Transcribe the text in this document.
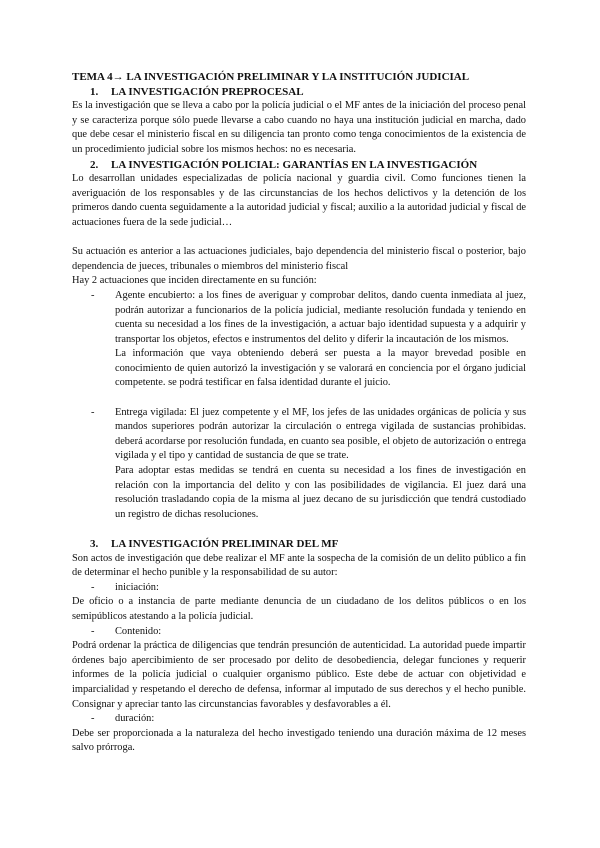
TEMA 4→ LA INVESTIGACIÓN PRELIMINAR Y LA INSTITUCIÓN JUDICIAL

1.	LA INVESTIGACIÓN PREPROCESAL

Es la investigación que se lleva a cabo por la policía judicial o el MF antes de la iniciación del proceso penal y se caracteriza porque sólo puede llevarse a cabo cuando no haya una institución judicial en marcha, dado que debe cesar el ministerio fiscal en su diligencia tan pronto como tenga conocimientos de la existencia de un procedimiento judicial sobre los mismos hechos: no es necesaria.

2.	LA INVESTIGACIÓN POLICIAL: GARANTÍAS EN LA INVESTIGACIÓN

Lo desarrollan unidades especializadas de policía nacional y guardia civil. Como funciones tienen la averiguación de los responsables y de las circunstancias de los hechos delictivos y la detención de los primeros dando cuenta seguidamente a la autoridad judicial y fiscal; auxilio a la autoridad judicial y fiscal de actuaciones fuera de la sede judicial…

Su actuación es anterior a las actuaciones judiciales, bajo dependencia del ministerio fiscal o posterior, bajo dependencia de jueces, tribunales o miembros del ministerio fiscal

Hay 2 actuaciones que inciden directamente en su función:

-	Agente encubierto: a los fines de averiguar y comprobar delitos, dando cuenta inmediata al juez, podrán autorizar a funcionarios de la policía judicial, mediante resolución fundada y teniendo en cuenta su necesidad a los fines de la investigación, a actuar bajo identidad supuesta y a adquirir y transportar los objetos, efectos e instrumentos del delito y diferir la incautación de los mismos.

La información que vaya obteniendo deberá ser puesta a la mayor brevedad posible en conocimiento de quien autorizó la investigación y se valorará en conciencia por el órgano judicial competente. se podrá testificar en falsa identidad durante el juicio.

-	Entrega vigilada: El juez competente y el MF, los jefes de las unidades orgánicas de policía y sus mandos superiores podrán autorizar la circulación o entrega vigilada de sustancias prohibidas. deberá acordarse por resolución fundada, en cuanto sea posible, el objeto de autorización o entrega vigilada y el tipo y cantidad de sustancia de que se trate.

Para adoptar estas medidas se tendrá en cuenta su necesidad a los fines de investigación en relación con la importancia del delito y con las posibilidades de vigilancia. El juez dará una resolución trasladando copia de la misma al juez decano de su jurisdicción que tendrá custodiado un registro de dichas resoluciones.

3.	LA INVESTIGACIÓN PRELIMINAR DEL MF

Son actos de investigación que debe realizar el MF ante la sospecha de la comisión de un delito público a fin de determinar el hecho punible y la responsabilidad de su autor:

-	iniciación:

De oficio o a instancia de parte mediante denuncia de un ciudadano de los delitos públicos o en los semipúblicos atestando a la policía judicial.

-	Contenido:

Podrá ordenar la práctica de diligencias que tendrán presunción de autenticidad. La autoridad puede impartir órdenes bajo apercibimiento de ser procesado por delito de desobediencia, delegar funciones y requerir informes de la policía judicial o cualquier organismo público. Este debe de actuar con objetividad e imparcialidad y respetando el derecho de defensa, informar al imputado de sus derechos y el hecho punible. Consignar y apreciar tanto las circunstancias favorables y desfavorables a él.

-	duración:

Debe ser proporcionada a la naturaleza del hecho investigado teniendo una duración máxima de 12 meses salvo prórroga.
